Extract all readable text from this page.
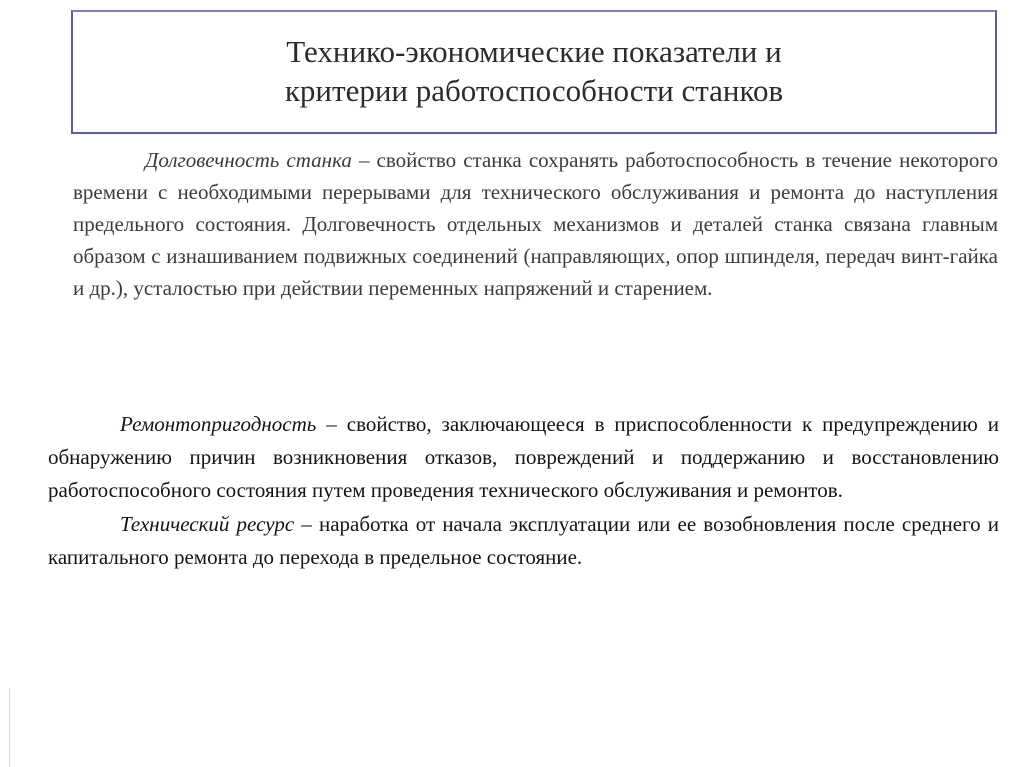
Технико-экономические показатели и
критерии работоспособности станков

Долговечность станка – свойство станка сохранять работоспособность в течение некоторого времени с необходимыми перерывами для технического обслуживания и ремонта до наступления предельного состояния. Долговечность отдельных механизмов и деталей станка связана главным образом с изнашиванием подвижных соединений (направляющих, опор шпинделя, передач винт-гайка и др.), усталостью при действии переменных напряжений и старением.

Ремонтопригодность – свойство, заключающееся в приспособленности к предупреждению и обнаружению причин возникновения отказов, повреждений и поддержанию и восстановлению работоспособного состояния путем проведения технического обслуживания и ремонтов.

Технический ресурс – наработка от начала эксплуатации или ее возобновления после среднего и капитального ремонта до перехода в предельное состояние.
